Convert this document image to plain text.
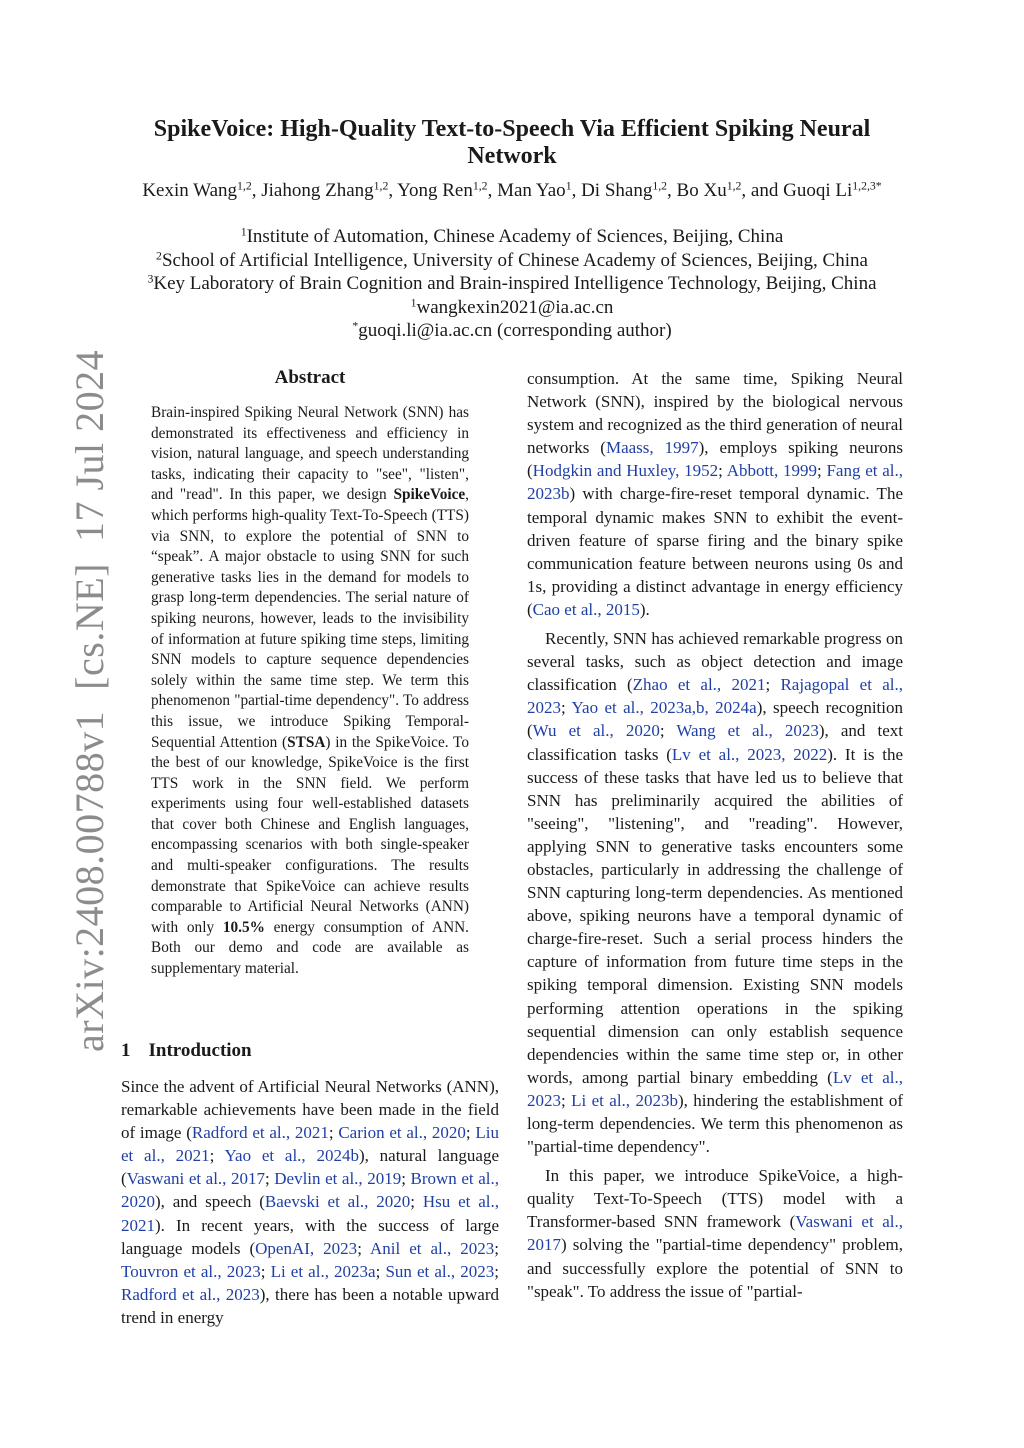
arXiv:2408.00788v1  [cs.NE]  17 Jul 2024
SpikeVoice: High-Quality Text-to-Speech Via Efficient Spiking Neural
Network
Kexin Wang$^{1,2}$, Jiahong Zhang$^{1,2}$, Yong Ren$^{1,2}$, Man Yao$^1$, Di Shang$^{1,2}$, Bo Xu$^{1,2}$, and Guoqi $Li^{1,2,3*}$
$^1$Institute of Automation, Chinese Academy of Sciences, Beijing, China
$^2$School of Artificial Intelligence, University of Chinese Academy of Sciences, Beijing, China
$^3$Key Laboratory of Brain Cognition and Brain-inspired Intelligence Technology, Beijing, China
$^1$wangkexin2021@ia.ac.cn
*guoqi.li@ia.ac.cn (corresponding author)
Abstract

Brain-inspired Spiking Neural Network (SNN) has demonstrated its effectiveness and efficiency in vision, natural language, and speech understanding tasks, indicating their capacity to "see", "listen", and "read". In this paper, we design SpikeVoice, which performs high-quality Text-To-Speech (TTS) via SNN, to explore the potential of SNN to “speak”. A major obstacle to using SNN for such generative tasks lies in the demand for models to grasp long-term dependencies. The serial nature of spiking neurons, however, leads to the invisibility of information at future spiking time steps, limiting SNN models to capture sequence dependencies solely within the same time step. We term this phenomenon "partial-time dependency". To address this issue, we introduce Spiking Temporal-Sequential Attention (STSA) in the SpikeVoice. To the best of our knowledge, SpikeVoice is the first TTS work in the SNN field. We perform experiments using four well-established datasets that cover both Chinese and English languages, encompassing scenarios with both single-speaker and multi-speaker configurations. The results demonstrate that SpikeVoice can achieve results comparable to Artificial Neural Networks (ANN) with only 10.5% energy consumption of ANN. Both our demo and code are available as supplementary material.

1 Introduction

Since the advent of Artificial Neural Networks (ANN), remarkable achievements have been made in the field of image (Radford et al., 2021; Carion et al., 2020; Liu et al., 2021; Yao et al., 2024b), natural language (Vaswani et al., 2017; Devlin et al., 2019; Brown et al., 2020), and speech (Baevski et al., 2020; Hsu et al., 2021). In recent years, with the success of large language models (OpenAI, 2023; Anil et al., 2023; Touvron et al., 2023; Li et al., 2023a; Sun et al., 2023; Radford et al., 2023), there has been a notable upward trend in energy

consumption. At the same time, Spiking Neural Network (SNN), inspired by the biological nervous system and recognized as the third generation of neural networks (Maass, 1997), employs spiking neurons (Hodgkin and Huxley, 1952; Abbott, 1999; Fang et al., 2023b) with charge-fire-reset temporal dynamic. The temporal dynamic makes SNN to exhibit the event-driven feature of sparse firing and the binary spike communication feature between neurons using 0s and 1s, providing a distinct advantage in energy efficiency (Cao et al., 2015).

Recently, SNN has achieved remarkable progress on several tasks, such as object detection and image classification (Zhao et al., 2021; Rajagopal et al., 2023; Yao et al., 2023a,b, 2024a), speech recognition (Wu et al., 2020; Wang et al., 2023), and text classification tasks (Lv et al., 2023, 2022). It is the success of these tasks that have led us to believe that SNN has preliminarily acquired the abilities of "seeing", "listening", and "reading". However, applying SNN to generative tasks encounters some obstacles, particularly in addressing the challenge of SNN capturing long-term dependencies. As mentioned above, spiking neurons have a temporal dynamic of charge-fire-reset. Such a serial process hinders the capture of information from future time steps in the spiking temporal dimension. Existing SNN models performing attention operations in the spiking sequential dimension can only establish sequence dependencies within the same time step or, in other words, among partial binary embedding (Lv et al., 2023; Li et al., 2023b), hindering the establishment of long-term dependencies. We term this phenomenon as "partial-time dependency".

In this paper, we introduce SpikeVoice, a high-quality Text-To-Speech (TTS) model with a Transformer-based SNN framework (Vaswani et al., 2017) solving the "partial-time dependency" problem, and successfully explore the potential of SNN to "speak". To address the issue of "partial-
